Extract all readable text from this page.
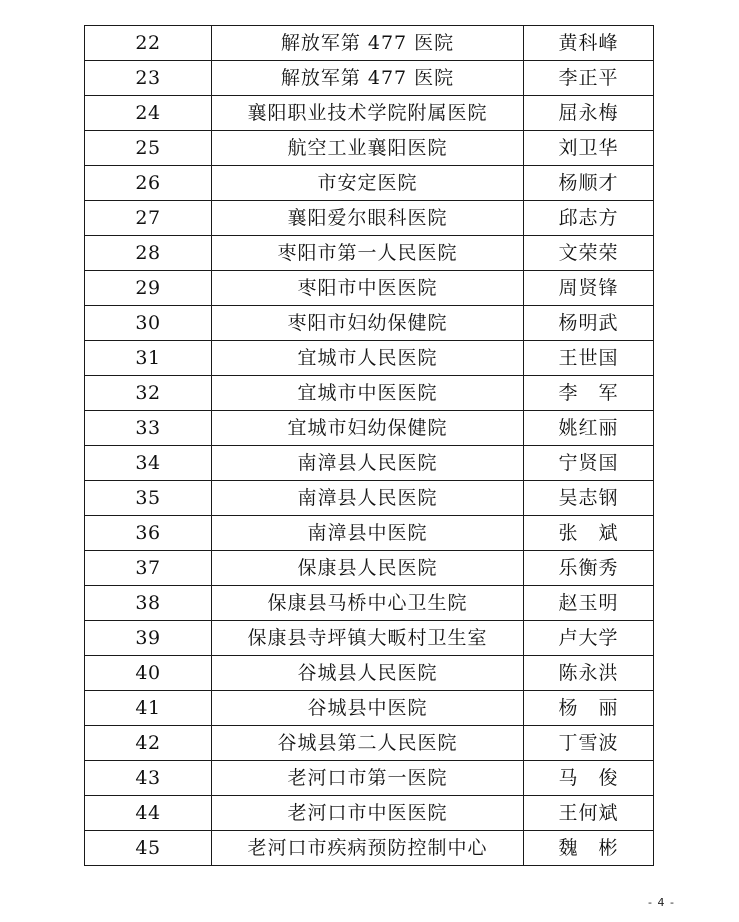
22	解放军第 477 医院	黄科峰
23	解放军第 477 医院	李正平
24	襄阳职业技术学院附属医院	屈永梅
25	航空工业襄阳医院	刘卫华
26	市安定医院	杨顺才
27	襄阳爱尔眼科医院	邱志方
28	枣阳市第一人民医院	文荣荣
29	枣阳市中医医院	周贤锋
30	枣阳市妇幼保健院	杨明武
31	宜城市人民医院	王世国
32	宜城市中医医院	李　军
33	宜城市妇幼保健院	姚红丽
34	南漳县人民医院	宁贤国
35	南漳县人民医院	吴志钢
36	南漳县中医院	张　斌
37	保康县人民医院	乐衡秀
38	保康县马桥中心卫生院	赵玉明
39	保康县寺坪镇大畈村卫生室	卢大学
40	谷城县人民医院	陈永洪
41	谷城县中医院	杨　丽
42	谷城县第二人民医院	丁雪波
43	老河口市第一医院	马　俊
44	老河口市中医医院	王何斌
45	老河口市疾病预防控制中心	魏　彬
- 4 -
